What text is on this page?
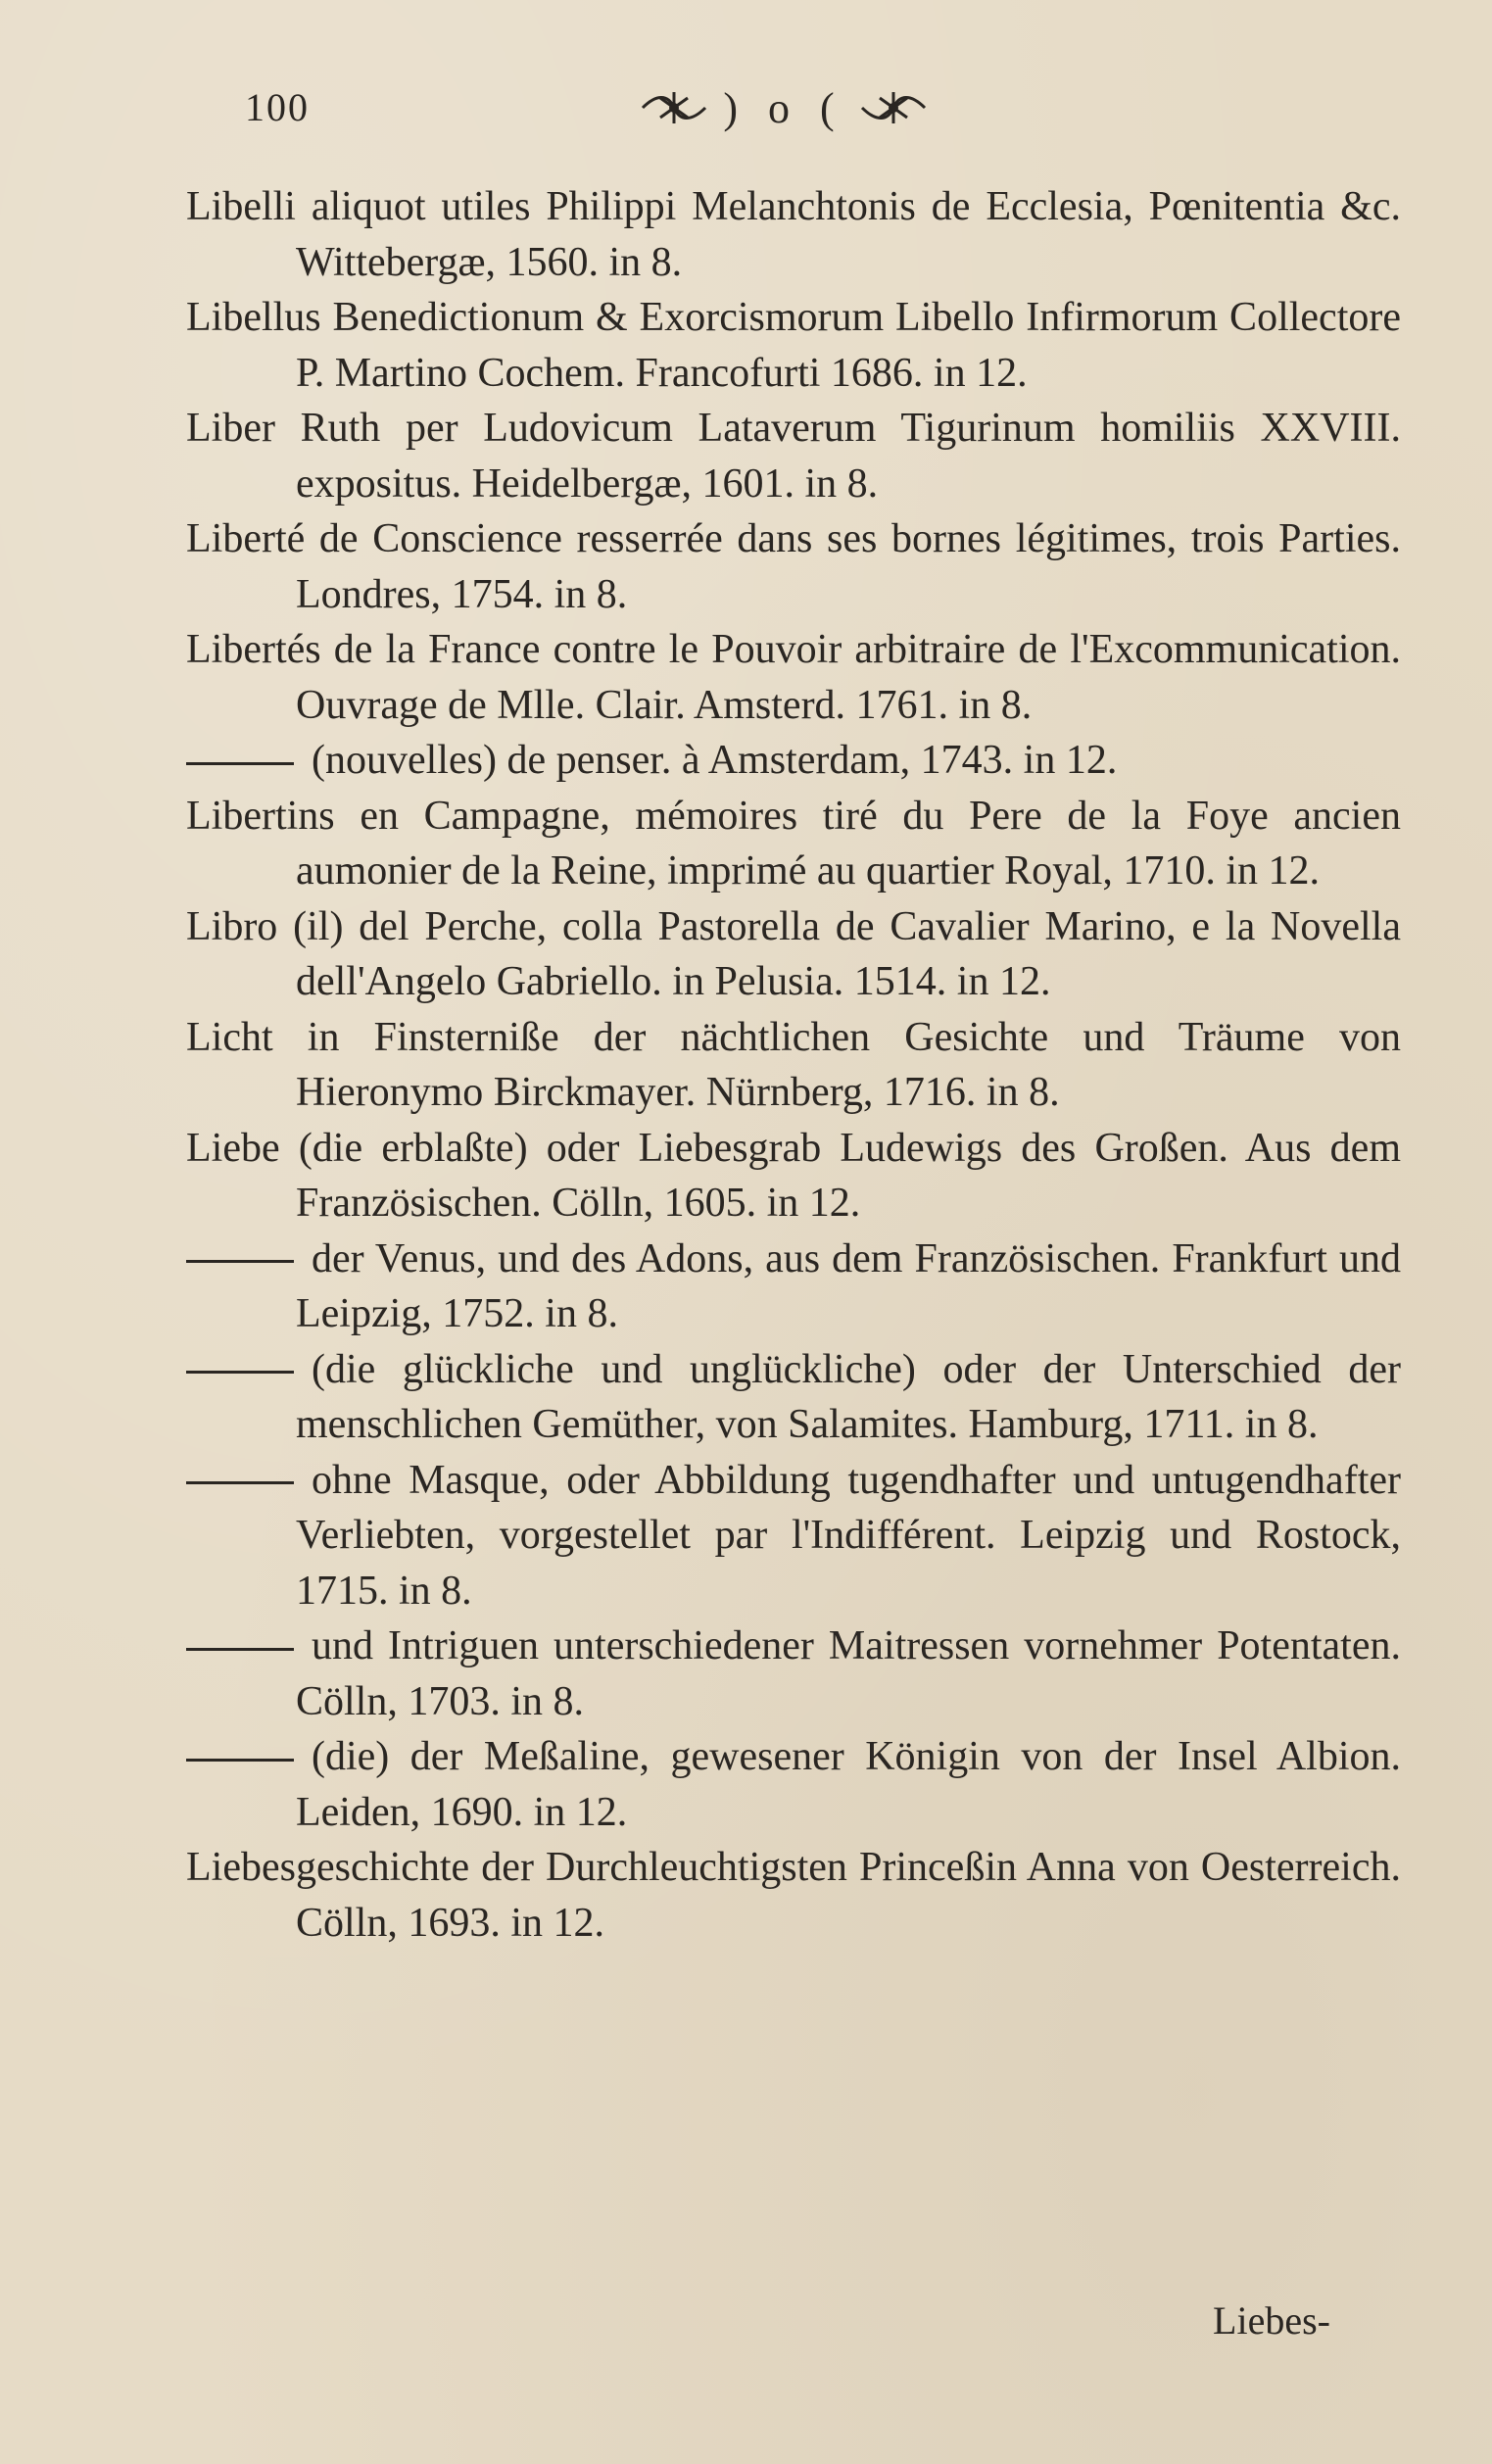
100	) o (

Libelli aliquot utiles Philippi Melanchtonis de Ecclesia, Pœnitentia &c. Wittebergæ, 1560. in 8.

Libellus Benedictionum & Exorcismorum Libello Infirmorum Collectore P. Martino Cochem. Francofurti 1686. in 12.

Liber Ruth per Ludovicum Lataverum Tigurinum homiliis XXVIII. expositus. Heidelbergæ, 1601. in 8.

Liberté de Conscience resserrée dans ses bornes légitimes, trois Parties. Londres, 1754. in 8.

Libertés de la France contre le Pouvoir arbitraire de l'Excommunication. Ouvrage de Mlle. Clair. Amsterd. 1761. in 8.

(nouvelles) de penser. à Amsterdam, 1743. in 12.

Libertins en Campagne, mémoires tiré du Pere de la Foye ancien aumonier de la Reine, imprimé au quartier Royal, 1710. in 12.

Libro (il) del Perche, colla Pastorella de Cavalier Marino, e la Novella dell'Angelo Gabriello. in Pelusia. 1514. in 12.

Licht in Finsterniße der nächtlichen Gesichte und Träume von Hieronymo Birckmayer. Nürnberg, 1716. in 8.

Liebe (die erblaßte) oder Liebesgrab Ludewigs des Großen. Aus dem Französischen. Cölln, 1605. in 12.

der Venus, und des Adons, aus dem Französischen. Frankfurt und Leipzig, 1752. in 8.

(die glückliche und unglückliche) oder der Unterschied der menschlichen Gemüther, von Salamites. Hamburg, 1711. in 8.

ohne Masque, oder Abbildung tugendhafter und untugendhafter Verliebten, vorgestellet par l'Indifférent. Leipzig und Rostock, 1715. in 8.

und Intriguen unterschiedener Maitressen vornehmer Potentaten. Cölln, 1703. in 8.

(die) der Meßaline, gewesener Königin von der Insel Albion. Leiden, 1690. in 12.

Liebesgeschichte der Durchleuchtigsten Princeßin Anna von Oesterreich. Cölln, 1693. in 12.

Liebes-
